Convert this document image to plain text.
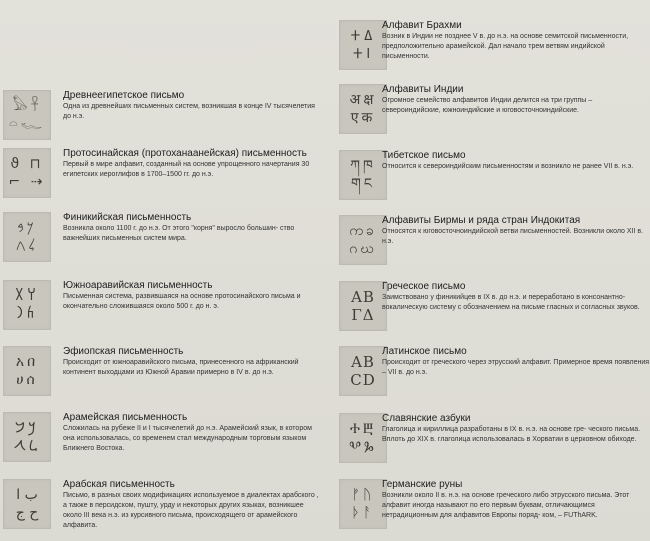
𓅃𓋹
𓏏𓆑
Древнеегипетское письмо
Одна из древнейших письменных систем, возникшая в конце IV тысячелетия до н.э.
ϑ ⊓
⌐ ⇢
Протосинайская (протоханаанейская) письменность
Первый в мире алфавит, созданный на основе упрощенного начертания 30 египетских иероглифов в 1700–1500 гг. до н.э.
𐤊𐤁
𐤋𐤂
Финикийская письменность
Возникла около 1100 г. до н.э. От этого "корня" выросло большин- ство важнейших письменных систем мира.
𐩠𐩩
𐩫𐩧
Южноаравийская письменность
Письменная система, развившаяся на основе протосинайского письма и окончательно сложившаяся около 500 г. до н. э.
አበ
ሀሰ
Эфиопская письменность
Происходит от южноаравийского письма, принесенного на африканский континент выходцами из Южной Аравии примерно в IV в. до н.э.
𐡊𐡁
𐡋𐡂
Арамейская письменность
Сложилась на рубеже II и I тысячелетий до н.э. Арамейский язык, в котором она использовалась, со временем стал международным торговым языком Ближнего Востока.
ب ا
ح ج
Арабская письменность
Письмо, в разных своих модификациях используемое в диалектах арабского , а также в персидском, пушту, урду и некоторых других языках, возникшее около III века н.э. из курсивного письма, происходящего от арамейского алфавита.
𑀓𑀏
𑀓𑀭
Алфавит Брахми
Возник в Индии не позднее V в. до н.э. на основе семитской письменности, предположительно арамейской. Дал начало трем ветвям индийской письменности.
अक्ष
एक
Алфавиты Индии
Огромное семейство алфавитов Индии делится на три группы – североиндийские, южноиндийские и юговосточноиндийские.
ཀཁ
གང
Тибетское письмо
Относится к североиндийским письменностям и возникло не ранее VII в. н.э.
ကခ
ဂဃ
Алфавиты Бирмы и ряда стран Индокитая
Относятся к юговосточноиндийской ветви письменностей. Возникли около XII в. н.э.
AB
ΓΔ
Греческое письмо
Заимствовано у финикийцев в IX в. до н.э. и переработано в консонантно-вокалическую систему с обозначением на письме гласных и согласных звуков.
AB
CD
Латинское письмо
Происходит от греческого через этрусский алфавит. Примерное время появления – VII в. до н.э.
ⰀⰁ
ⰂⰃ
Славянские азбуки
Глаголица и кириллица разработаны в IX в. н.э. на основе гре- ческого письма. Вплоть до XIX в. глаголица использовалась в Хорватии в церковном обиходе.
ᚠᚢ
ᚦᚨ
Германские руны
Возникли около II в. н.э. на основе греческого либо этрусского письма. Этот алфавит иногда называют по его первым буквам, отличающимся нетрадиционным для алфавитов Европы поряд- ком, – FUThARK.
